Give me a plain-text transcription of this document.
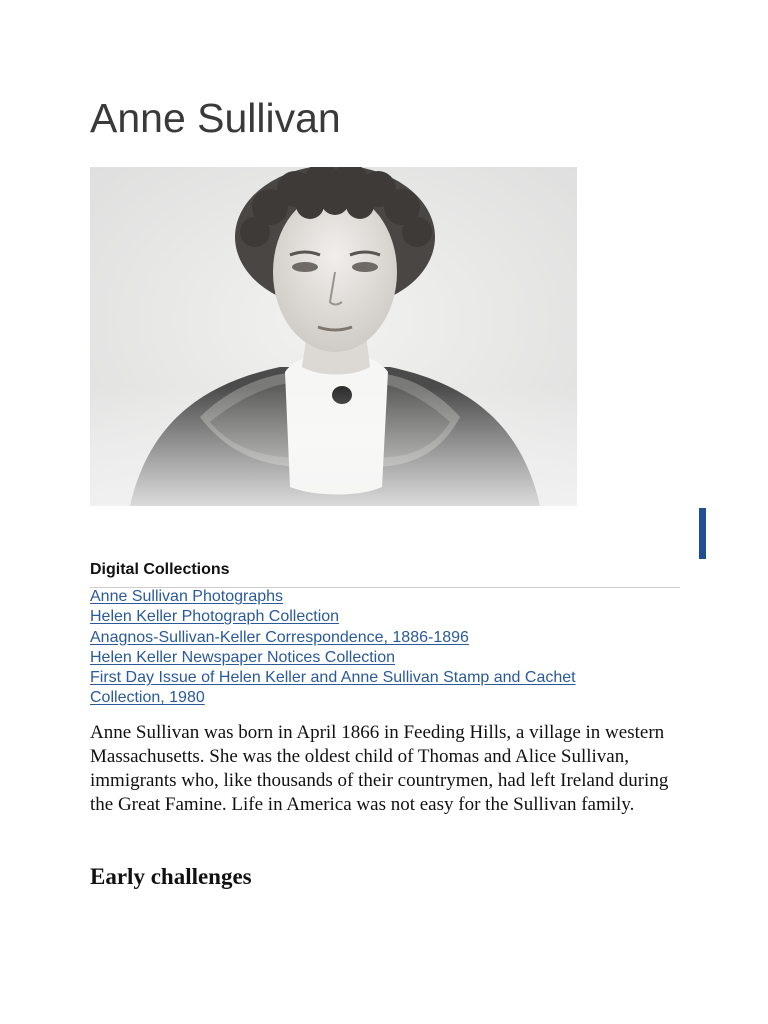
Anne Sullivan
Digital Collections
Anne Sullivan Photographs
Helen Keller Photograph Collection
Anagnos-Sullivan-Keller Correspondence, 1886-1896
Helen Keller Newspaper Notices Collection
First Day Issue of Helen Keller and Anne Sullivan Stamp and Cachet Collection, 1980

Anne Sullivan was born in April 1866 in Feeding Hills, a village in western Massachusetts. She was the oldest child of Thomas and Alice Sullivan, immigrants who, like thousands of their countrymen, had left Ireland during the Great Famine. Life in America was not easy for the Sullivan family.

Early challenges
